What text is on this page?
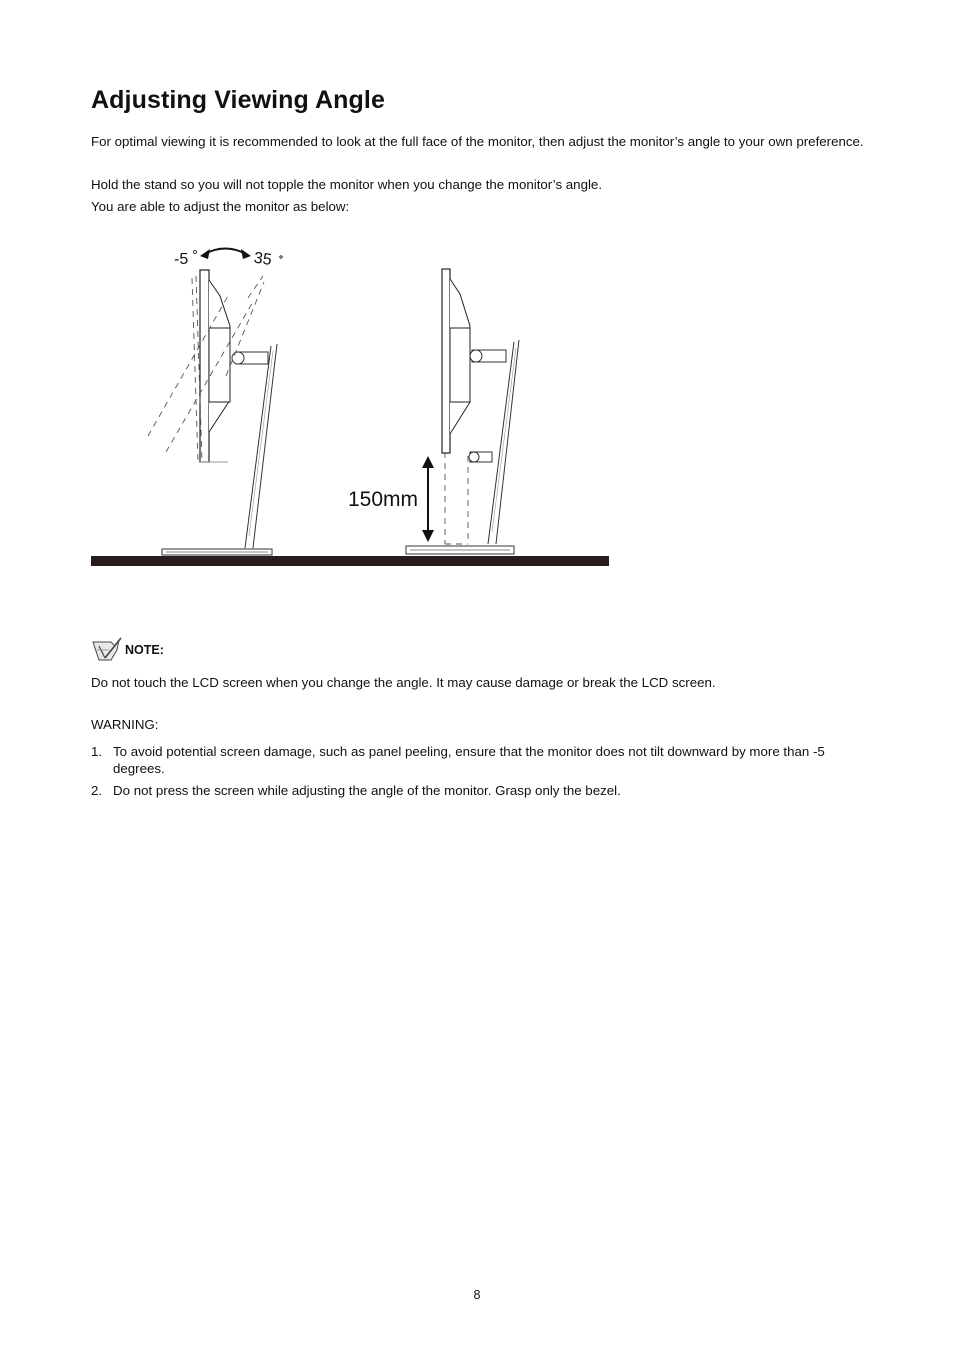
Adjusting Viewing Angle

For optimal viewing it is recommended to look at the full face of the monitor, then adjust the monitor’s angle to your own preference.

Hold the stand so you will not topple the monitor when you change the monitor’s angle.

You are able to adjust the monitor as below:

-5	35
150mm
NOTE:

Do not touch the LCD screen when you change the angle. It may cause damage or break the LCD screen.

WARNING:

1. To avoid potential screen damage, such as panel peeling, ensure that the monitor does not tilt downward by more than -5 degrees.
2. Do not press the screen while adjusting the angle of the monitor. Grasp only the bezel.
8
